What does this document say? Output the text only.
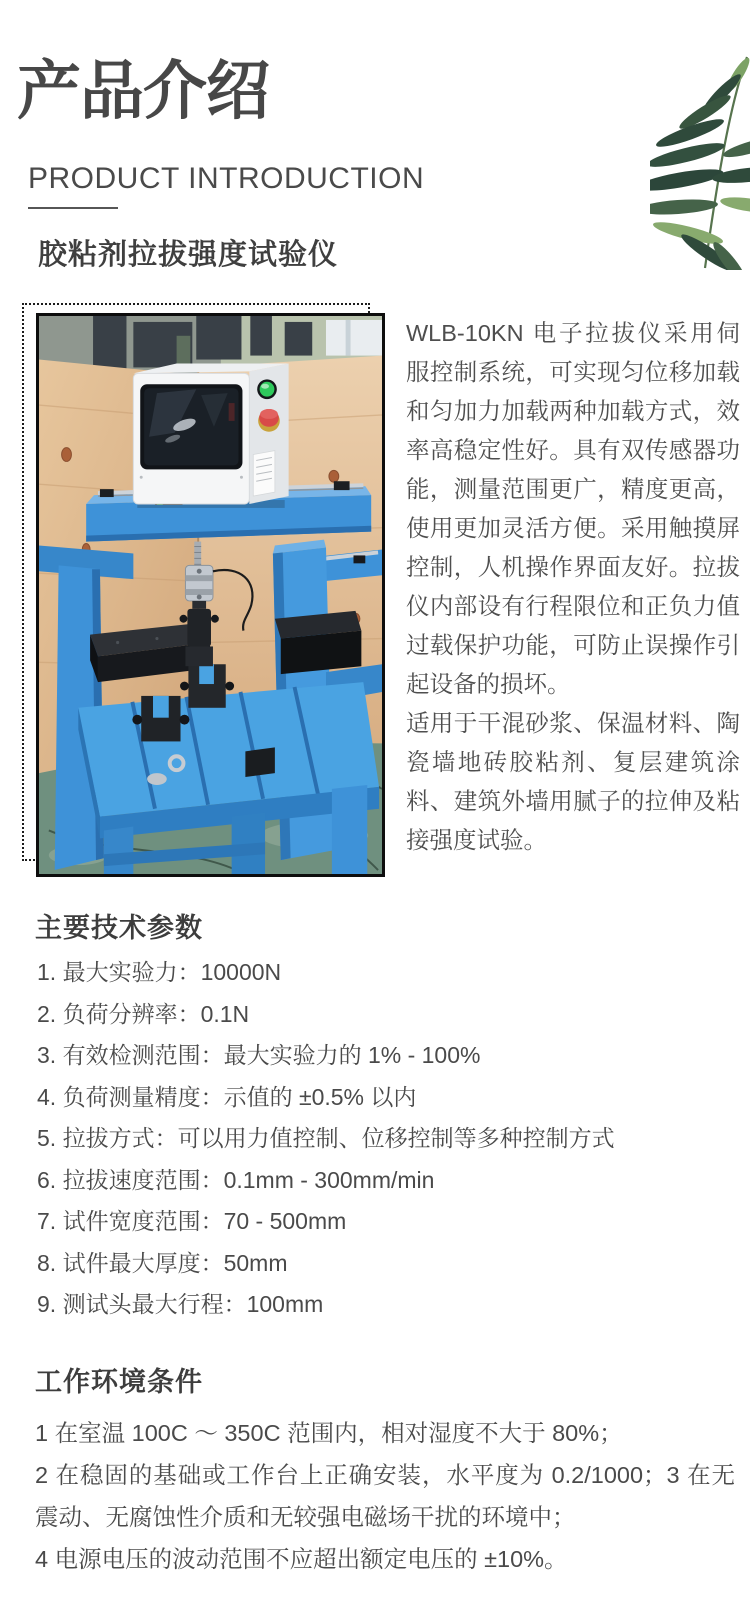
产品介绍
PRODUCT INTRODUCTION
胶粘剂拉拔强度试验仪

WLB-10KN 电子拉拔仪采用伺服控制系统，可实现匀位移加载和匀加力加载两种加载方式，效率高稳定性好。具有双传感器功能，测量范围更广，精度更高，使用更加灵活方便。采用触摸屏控制，人机操作界面友好。拉拔仪内部设有行程限位和正负力值过载保护功能，可防止误操作引起设备的损坏。

适用于干混砂浆、保温材料、陶瓷墙地砖胶粘剂、复层建筑涂料、建筑外墙用腻子的拉伸及粘接强度试验。

主要技术参数
1. 最大实验力：10000N
2. 负荷分辨率：0.1N
3. 有效检测范围：最大实验力的 1% - 100%
4. 负荷测量精度：示值的 ±0.5% 以内
5. 拉拔方式：可以用力值控制、位移控制等多种控制方式
6. 拉拔速度范围：0.1mm - 300mm/min
7. 试件宽度范围：70 - 500mm
8. 试件最大厚度：50mm
9. 测试头最大行程：100mm
工作环境条件

1 在室温 100C ～ 350C 范围内，相对湿度不大于 80%；

2 在稳固的基础或工作台上正确安装，水平度为 0.2/1000；3 在无震动、无腐蚀性介质和无较强电磁场干扰的环境中；

4 电源电压的波动范围不应超出额定电压的 ±10%。
